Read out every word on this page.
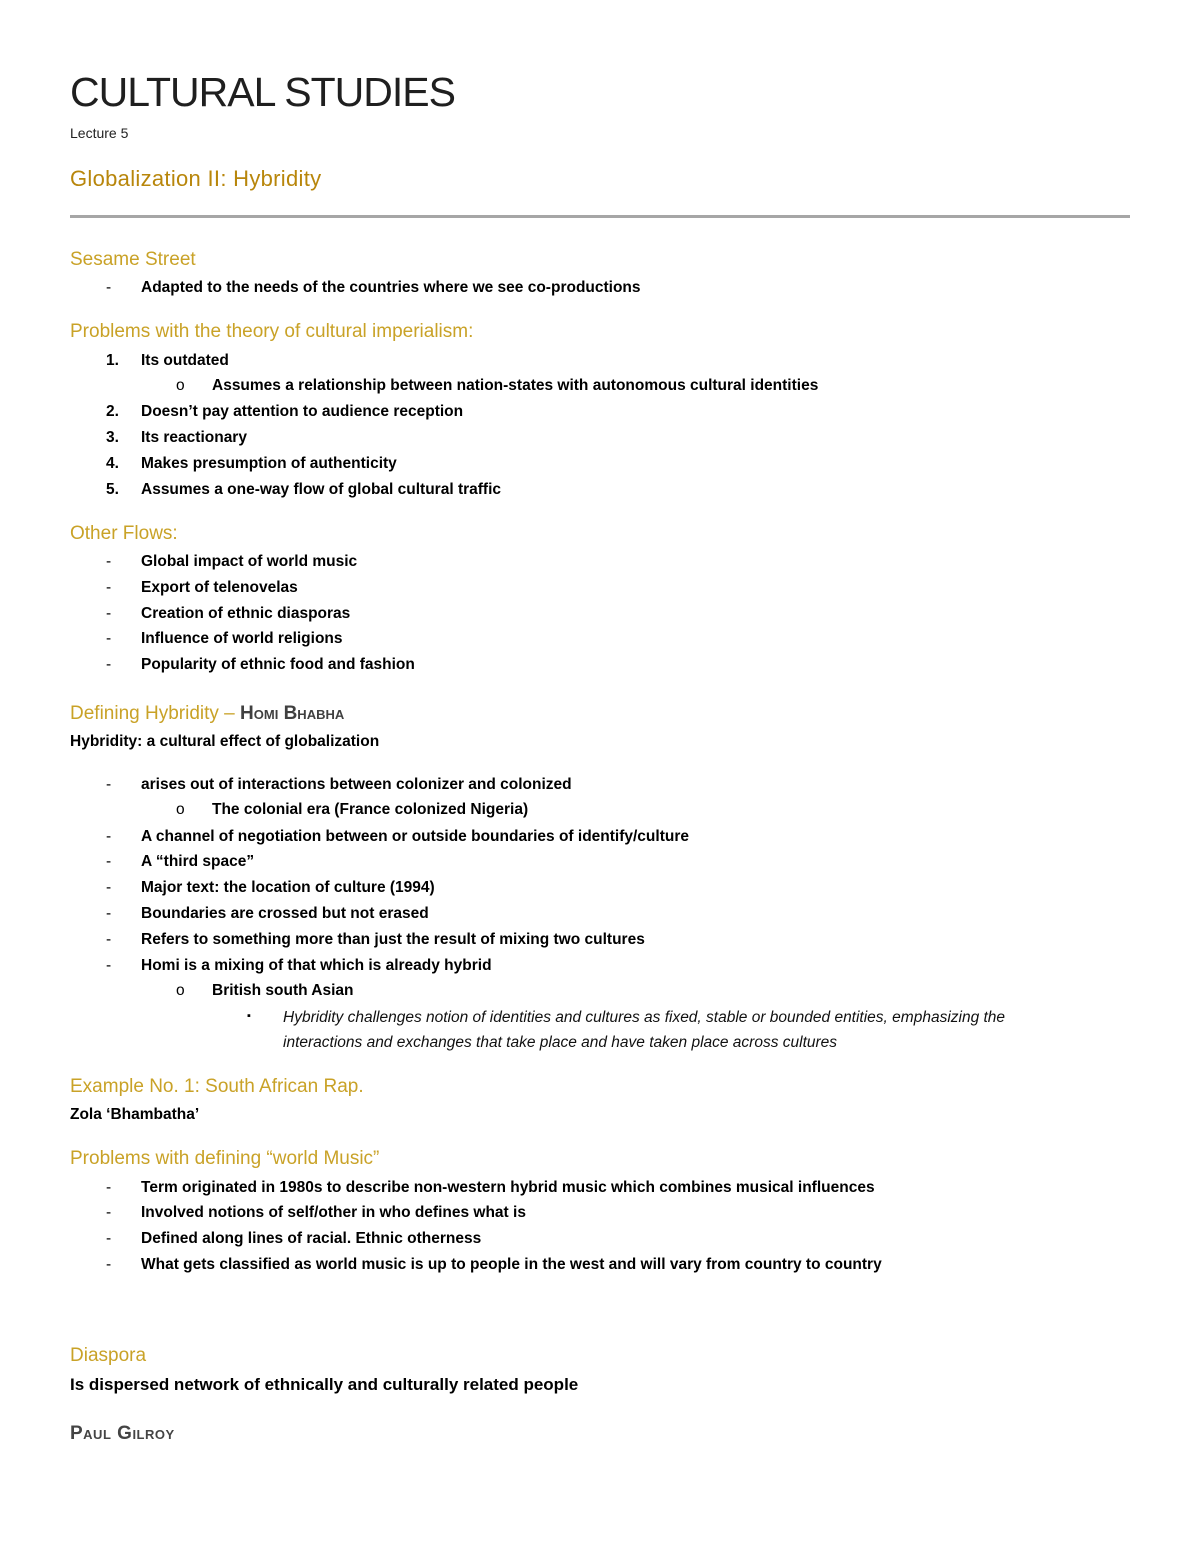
CULTURAL STUDIES
Lecture 5
Globalization II: Hybridity
Sesame Street
- Adapted to the needs of the countries where we see co-productions
Problems with the theory of cultural imperialism:
1. Its outdated
o Assumes a relationship between nation-states with autonomous cultural identities
2. Doesn’t pay attention to audience reception
3. Its reactionary
4. Makes presumption of authenticity
5. Assumes a one-way flow of global cultural traffic
Other Flows:
- Global impact of world music
- Export of telenovelas
- Creation of ethnic diasporas
- Influence of world religions
- Popularity of ethnic food and fashion
Defining Hybridity – Homi Bhabha
Hybridity: a cultural effect of globalization
- arises out of interactions between colonizer and colonized
o The colonial era (France colonized Nigeria)
- A channel of negotiation between or outside boundaries of identify/culture
- A “third space”
- Major text: the location of culture (1994)
- Boundaries are crossed but not erased
- Refers to something more than just the result of mixing two cultures
- Homi is a mixing of that which is already hybrid
o British south Asian
▪ Hybridity challenges notion of identities and cultures as fixed, stable or bounded entities, emphasizing the
interactions and exchanges that take place and have taken place across cultures
Example No. 1: South African Rap.
Zola ‘Bhambatha’
Problems with defining “world Music”
- Term originated in 1980s to describe non-western hybrid music which combines musical influences
- Involved notions of self/other in who defines what is
- Defined along lines of racial. Ethnic otherness
- What gets classified as world music is up to people in the west and will vary from country to country
Diaspora
Is dispersed network of ethnically and culturally related people
Paul Gilroy
